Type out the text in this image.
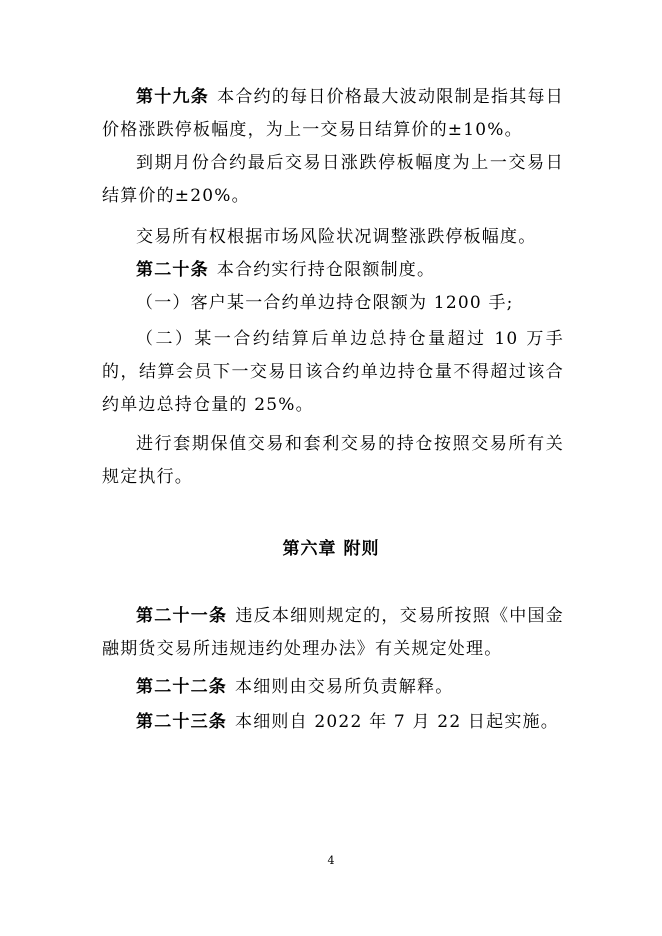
第十九条 本合约的每日价格最大波动限制是指其每日价格涨跌停板幅度，为上一交易日结算价的±10%。

到期月份合约最后交易日涨跌停板幅度为上一交易日结算价的±20%。

交易所有权根据市场风险状况调整涨跌停板幅度。

第二十条 本合约实行持仓限额制度。

（一）客户某一合约单边持仓限额为 1200 手;

（二）某一合约结算后单边总持仓量超过 10 万手的，结算会员下一交易日该合约单边持仓量不得超过该合约单边总持仓量的 25%。

进行套期保值交易和套利交易的持仓按照交易所有关规定执行。

第六章 附则

第二十一条 违反本细则规定的，交易所按照《中国金融期货交易所违规违约处理办法》有关规定处理。

第二十二条 本细则由交易所负责解释。

第二十三条 本细则自 2022 年 7 月 22 日起实施。

4
